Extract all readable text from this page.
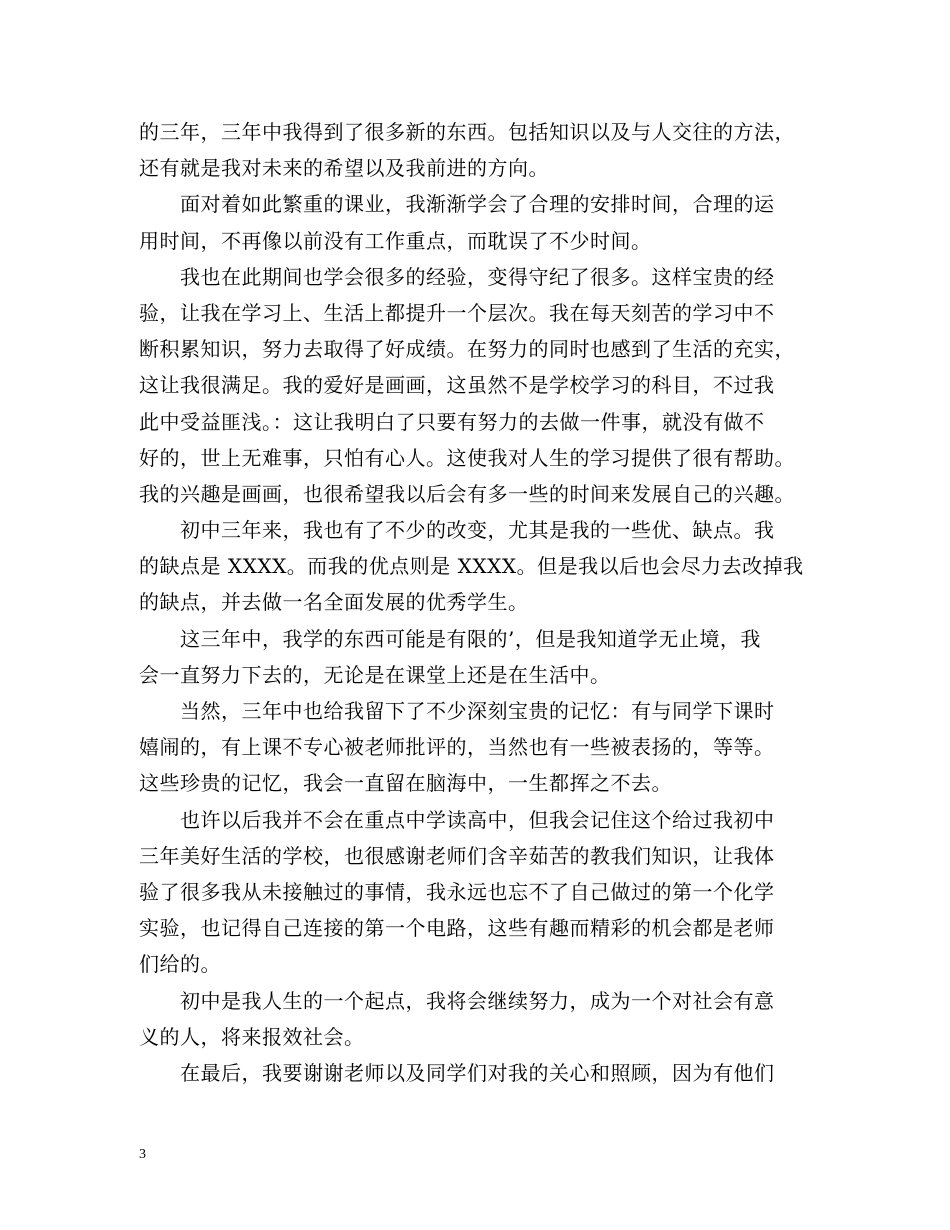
的三年，三年中我得到了很多新的东西。包括知识以及与人交往的方法，
还有就是我对未来的希望以及我前进的方向。
面对着如此繁重的课业，我渐渐学会了合理的安排时间，合理的运
用时间，不再像以前没有工作重点，而耽误了不少时间。
我也在此期间也学会很多的经验，变得守纪了很多。这样宝贵的经
验，让我在学习上、生活上都提升一个层次。我在每天刻苦的学习中不
断积累知识，努力去取得了好成绩。在努力的同时也感到了生活的充实，
这让我很满足。我的爱好是画画，这虽然不是学校学习的科目，不过我
此中受益匪浅。：这让我明白了只要有努力的去做一件事，就没有做不
好的，世上无难事，只怕有心人。这使我对人生的学习提供了很有帮助。
我的兴趣是画画，也很希望我以后会有多一些的时间来发展自己的兴趣。
初中三年来，我也有了不少的改变，尤其是我的一些优、缺点。我
的缺点是 XXXX。而我的优点则是 XXXX。但是我以后也会尽力去改掉我
的缺点，并去做一名全面发展的优秀学生。
这三年中，我学的东西可能是有限的’，但是我知道学无止境，我
会一直努力下去的，无论是在课堂上还是在生活中。
当然，三年中也给我留下了不少深刻宝贵的记忆：有与同学下课时
嬉闹的，有上课不专心被老师批评的，当然也有一些被表扬的，等等。
这些珍贵的记忆，我会一直留在脑海中，一生都挥之不去。
也许以后我并不会在重点中学读高中，但我会记住这个给过我初中
三年美好生活的学校，也很感谢老师们含辛茹苦的教我们知识，让我体
验了很多我从未接触过的事情，我永远也忘不了自己做过的第一个化学
实验，也记得自己连接的第一个电路，这些有趣而精彩的机会都是老师
们给的。
初中是我人生的一个起点，我将会继续努力，成为一个对社会有意
义的人，将来报效社会。
在最后，我要谢谢老师以及同学们对我的关心和照顾，因为有他们
3
